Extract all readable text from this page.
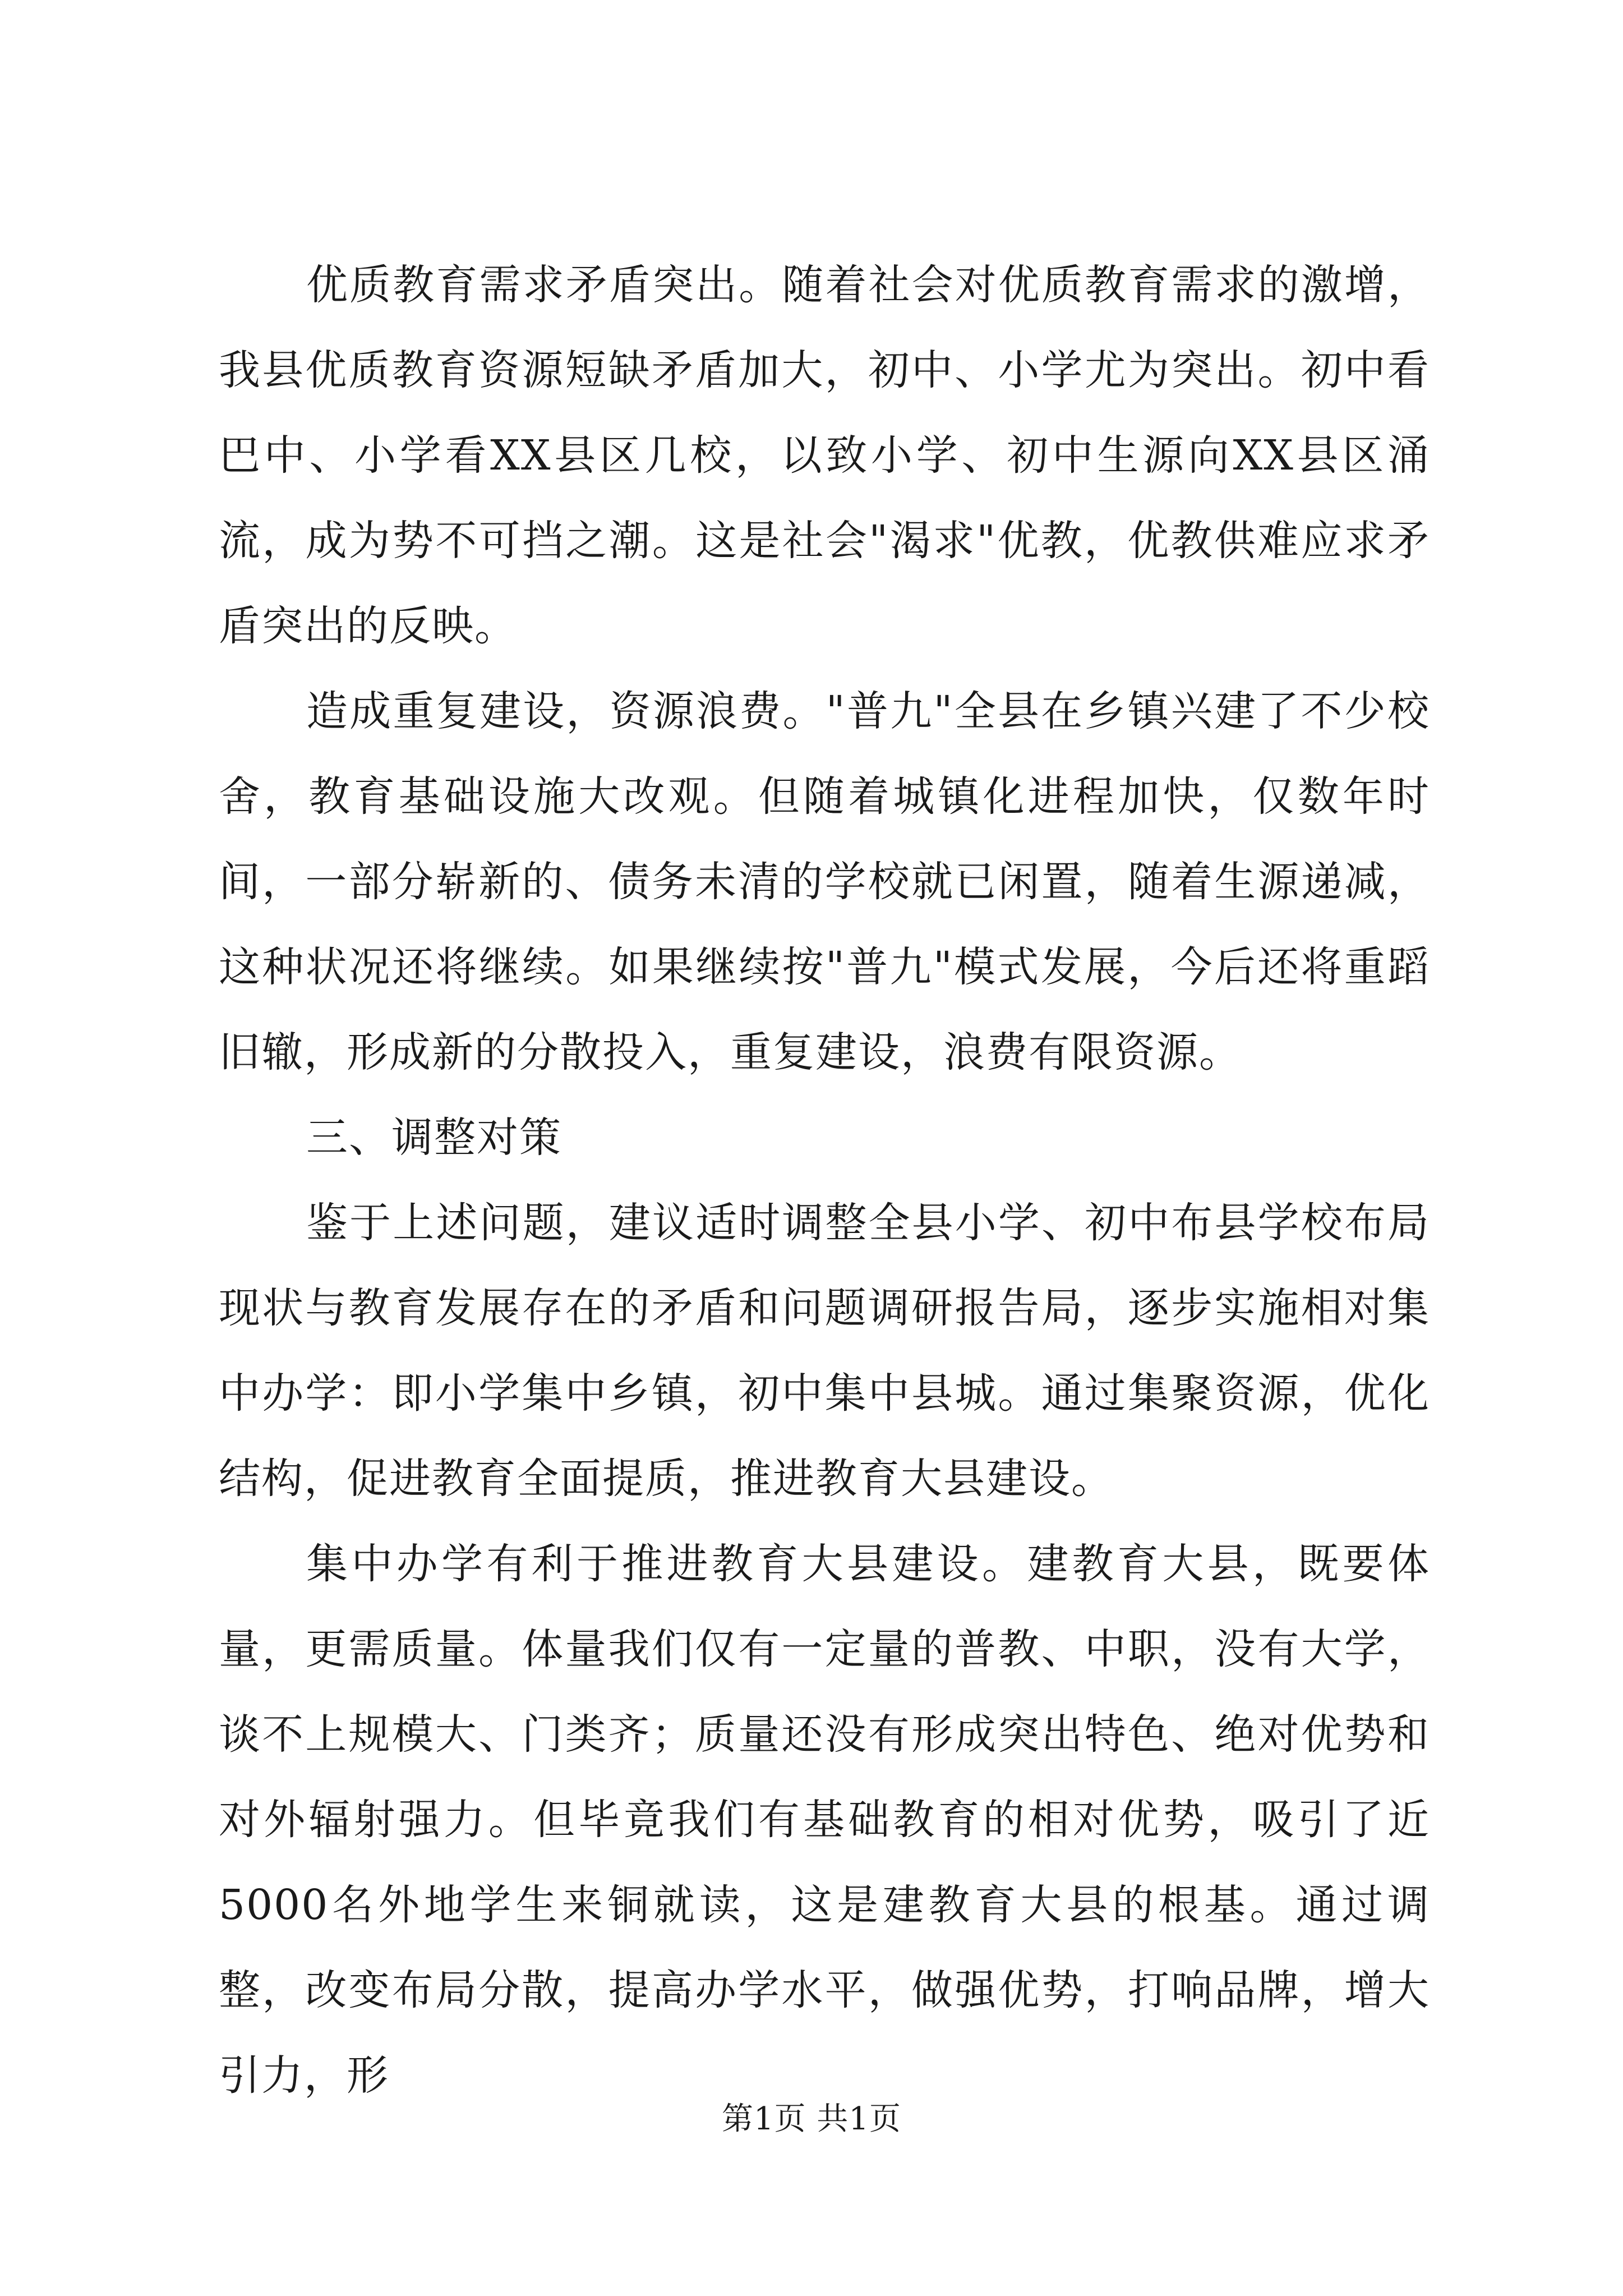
优质教育需求矛盾突出。随着社会对优质教育需求的激增，我县优质教育资源短缺矛盾加大，初中、小学尤为突出。初中看巴中、小学看XX县区几校，以致小学、初中生源向XX县区涌流，成为势不可挡之潮。这是社会"渴求"优教，优教供难应求矛盾突出的反映。

造成重复建设，资源浪费。"普九"全县在乡镇兴建了不少校舍，教育基础设施大改观。但随着城镇化进程加快，仅数年时间，一部分崭新的、债务未清的学校就已闲置，随着生源递减，这种状况还将继续。如果继续按"普九"模式发展，今后还将重蹈旧辙，形成新的分散投入，重复建设，浪费有限资源。

三、调整对策

鉴于上述问题，建议适时调整全县小学、初中布县学校布局现状与教育发展存在的矛盾和问题调研报告局，逐步实施相对集中办学：即小学集中乡镇，初中集中县城。通过集聚资源，优化结构，促进教育全面提质，推进教育大县建设。

集中办学有利于推进教育大县建设。建教育大县，既要体量，更需质量。体量我们仅有一定量的普教、中职，没有大学，谈不上规模大、门类齐；质量还没有形成突出特色、绝对优势和对外辐射强力。但毕竟我们有基础教育的相对优势，吸引了近5000名外地学生来铜就读，这是建教育大县的根基。通过调整，改变布局分散，提高办学水平，做强优势，打响品牌，增大引力，形

第1页 共1页
